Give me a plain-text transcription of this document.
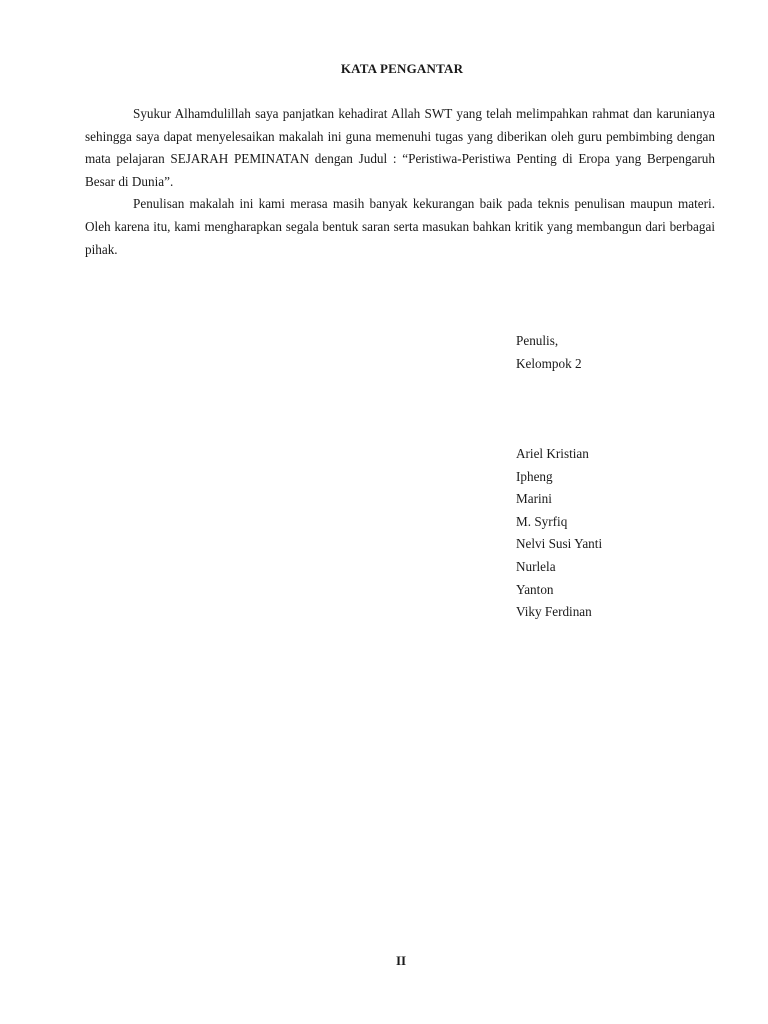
KATA PENGANTAR

Syukur Alhamdulillah saya panjatkan kehadirat Allah SWT yang telah melimpahkan rahmat dan karunianya sehingga saya dapat menyelesaikan makalah ini guna memenuhi tugas yang diberikan oleh guru pembimbing dengan mata pelajaran SEJARAH PEMINATAN dengan Judul : “Peristiwa-Peristiwa Penting di Eropa yang Berpengaruh Besar di Dunia”.

Penulisan makalah ini kami merasa masih banyak kekurangan baik pada teknis penulisan maupun materi. Oleh karena itu, kami mengharapkan segala bentuk saran serta masukan bahkan kritik yang membangun dari berbagai pihak.

Penulis,
Kelompok 2
Ariel Kristian
Ipheng
Marini
M. Syrfiq
Nelvi Susi Yanti
Nurlela
Yanton
Viky Ferdinan
II
